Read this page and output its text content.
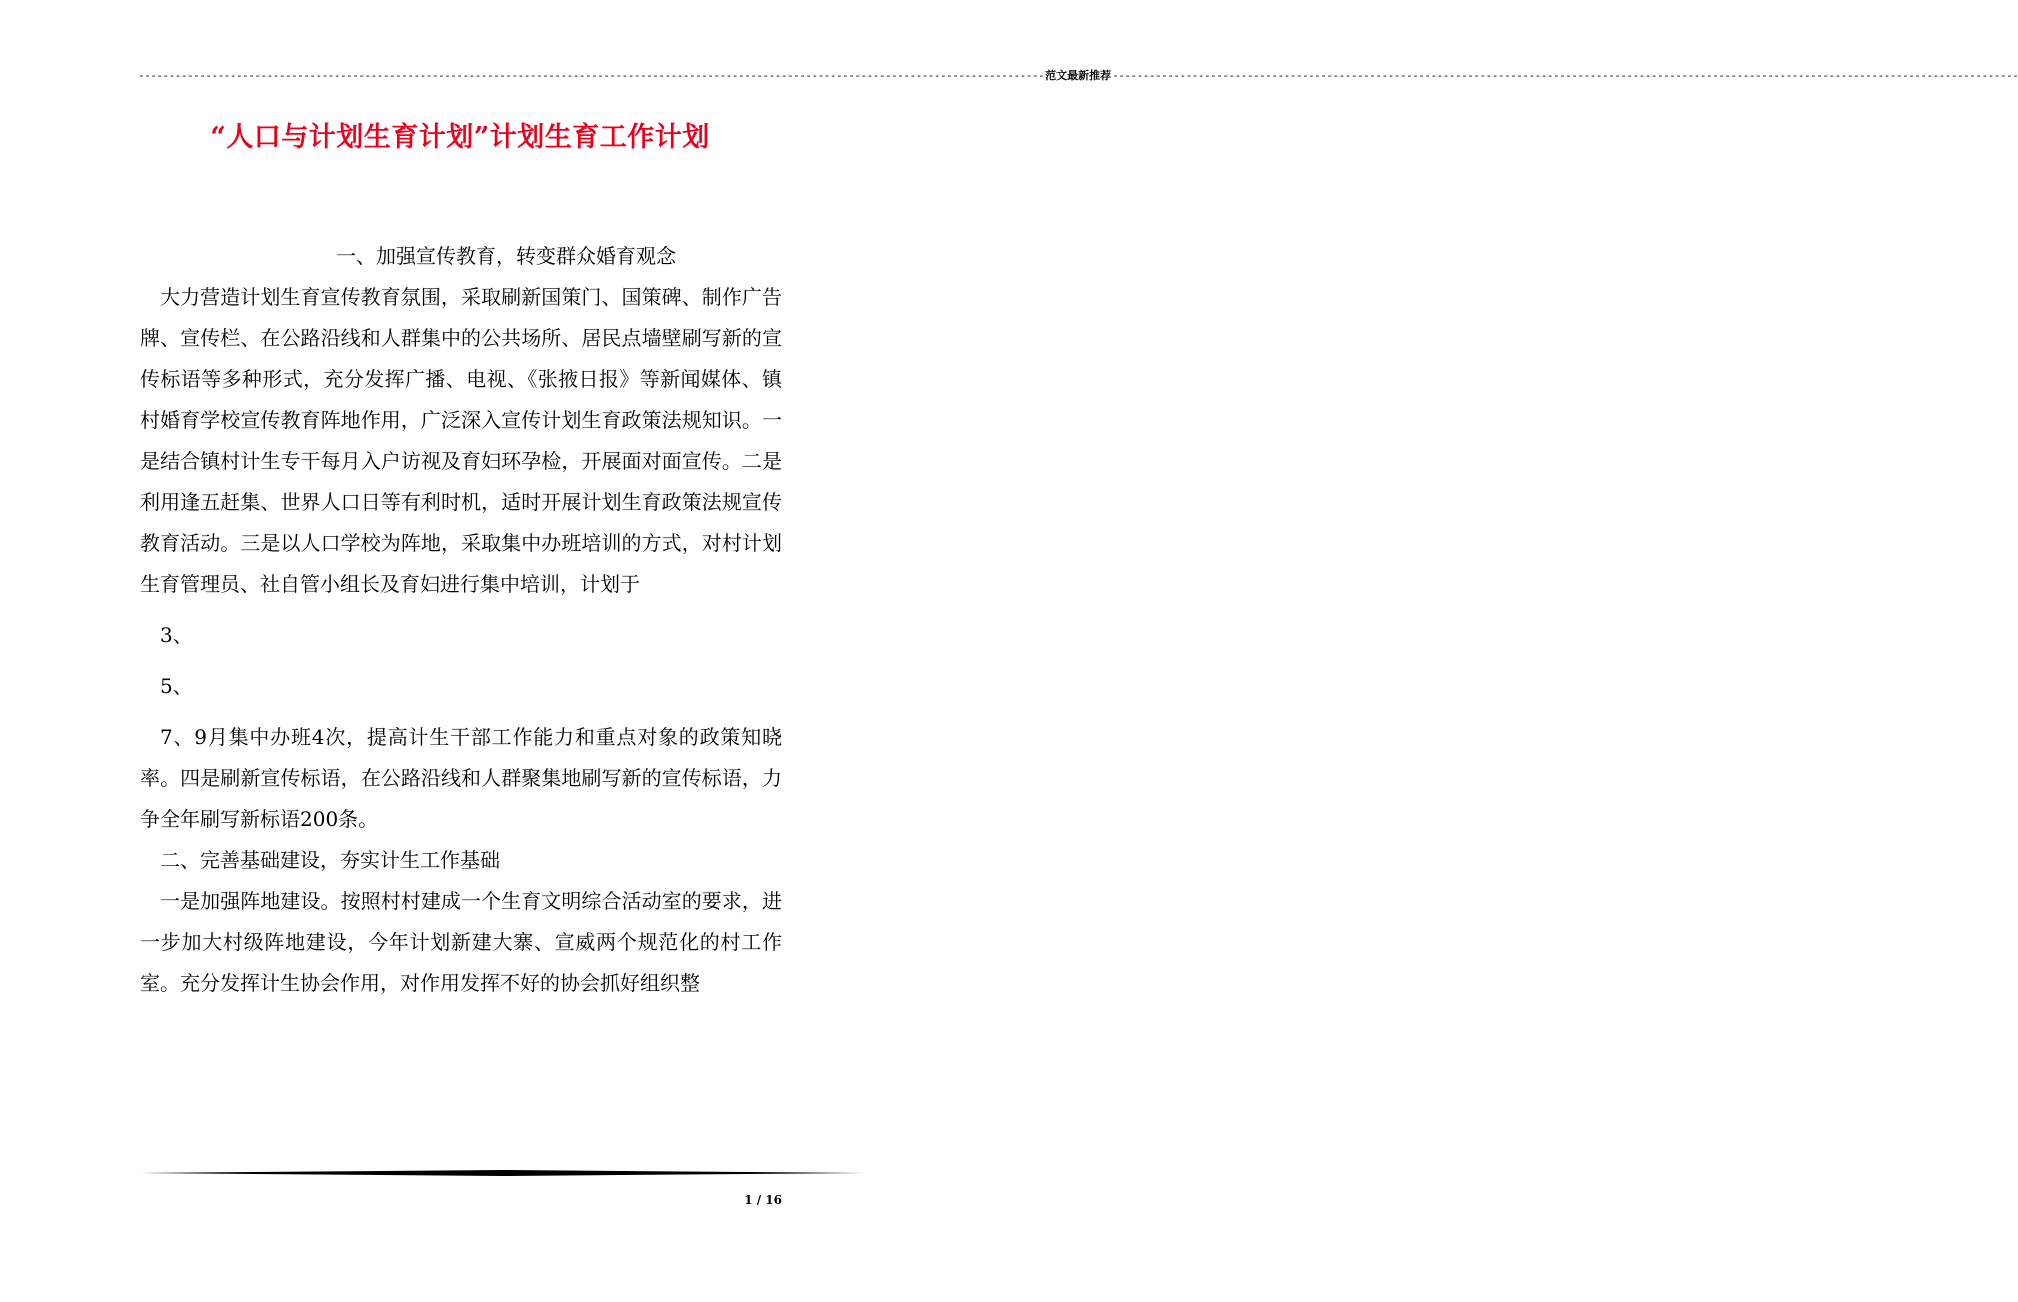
---------------------------------------------------------------------------------------------------------------------------------------------------- 范文最新推荐 ----------------------------------------------------------------------------------------------------------------------------------------------------
“人口与计划生育计划”计划生育工作计划

一、加强宣传教育，转变群众婚育观念

大力营造计划生育宣传教育氛围，采取刷新国策门、国策碑、制作广告牌、宣传栏、在公路沿线和人群集中的公共场所、居民点墙壁刷写新的宣传标语等多种形式，充分发挥广播、电视、《张掖日报》等新闻媒体、镇村婚育学校宣传教育阵地作用，广泛深入宣传计划生育政策法规知识。一是结合镇村计生专干每月入户访视及育妇环孕检，开展面对面宣传。二是利用逢五赶集、世界人口日等有利时机，适时开展计划生育政策法规宣传教育活动。三是以人口学校为阵地，采取集中办班培训的方式，对村计划生育管理员、社自管小组长及育妇进行集中培训，计划于

3、

5、

7、9月集中办班4次，提高计生干部工作能力和重点对象的政策知晓率。四是刷新宣传标语，在公路沿线和人群聚集地刷写新的宣传标语，力争全年刷写新标语200条。

二、完善基础建设，夯实计生工作基础

一是加强阵地建设。按照村村建成一个生育文明综合活动室的要求，进一步加大村级阵地建设，今年计划新建大寨、宣威两个规范化的村工作室。充分发挥计生协会作用，对作用发挥不好的协会抓好组织整

1 / 16
